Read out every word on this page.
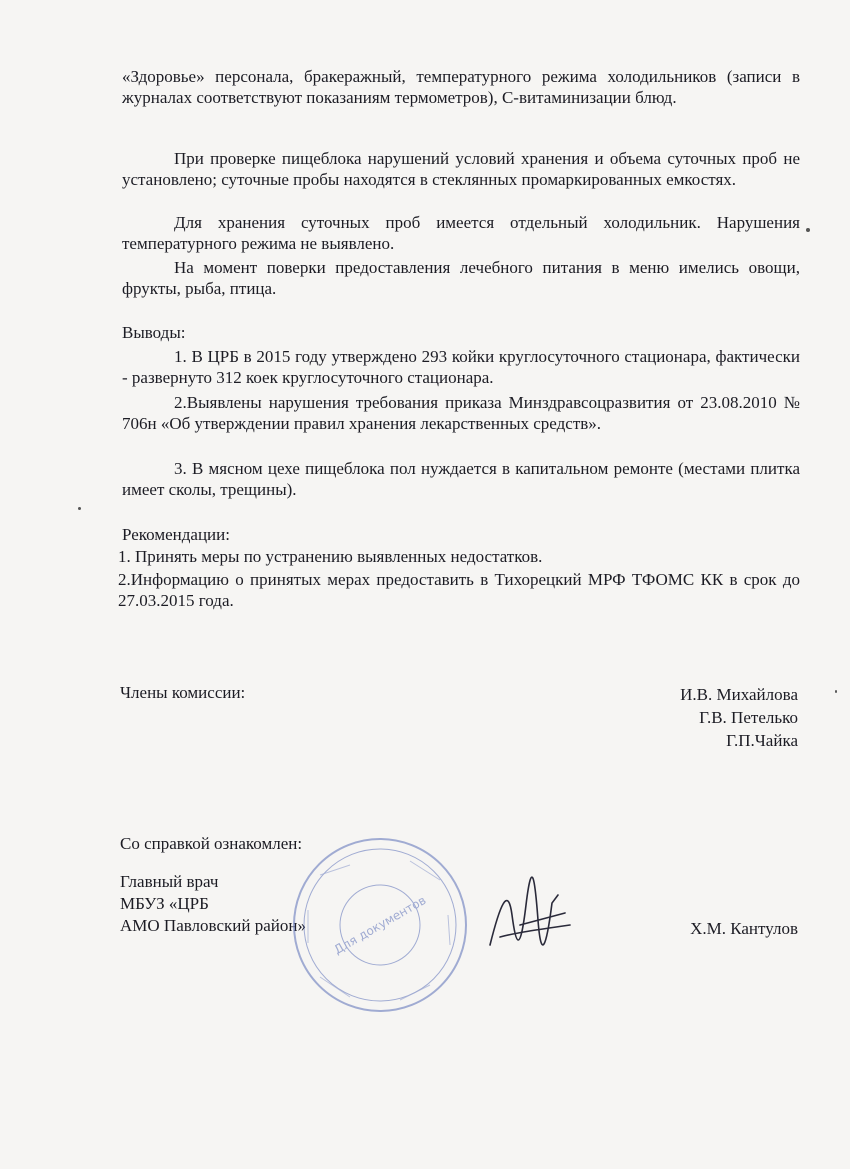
«Здоровье» персонала, бракеражный, температурного режима холодильников (записи в журналах соответствуют показаниям термометров), С-витаминизации блюд.
При проверке пищеблока нарушений условий хранения и объема суточных проб не установлено; суточные пробы находятся в стеклянных промаркированных емкостях.
Для хранения суточных проб имеется отдельный холодильник. Нарушения температурного режима не выявлено.
На момент поверки предоставления лечебного питания в меню имелись овощи, фрукты, рыба, птица.
Выводы:
1. В ЦРБ в 2015 году утверждено 293 койки круглосуточного стационара, фактически - развернуто 312 коек круглосуточного стационара.
2.Выявлены нарушения требования приказа Минздравсоцразвития от 23.08.2010 № 706н «Об утверждении правил хранения лекарственных средств».
3. В мясном цехе пищеблока пол нуждается в капитальном ремонте (местами плитка имеет сколы, трещины).
Рекомендации:
1. Принять меры по устранению выявленных недостатков.
2.Информацию о принятых мерах предоставить в Тихорецкий МРФ ТФОМС КК в срок до 27.03.2015 года.
Члены комиссии:	И.В. Михайлова
Г.В. Петелько
Г.П.Чайка
Со справкой ознакомлен:
Главный врач
МБУЗ «ЦРБ
АМО Павловский район»	Х.М. Кантулов
Для документов
